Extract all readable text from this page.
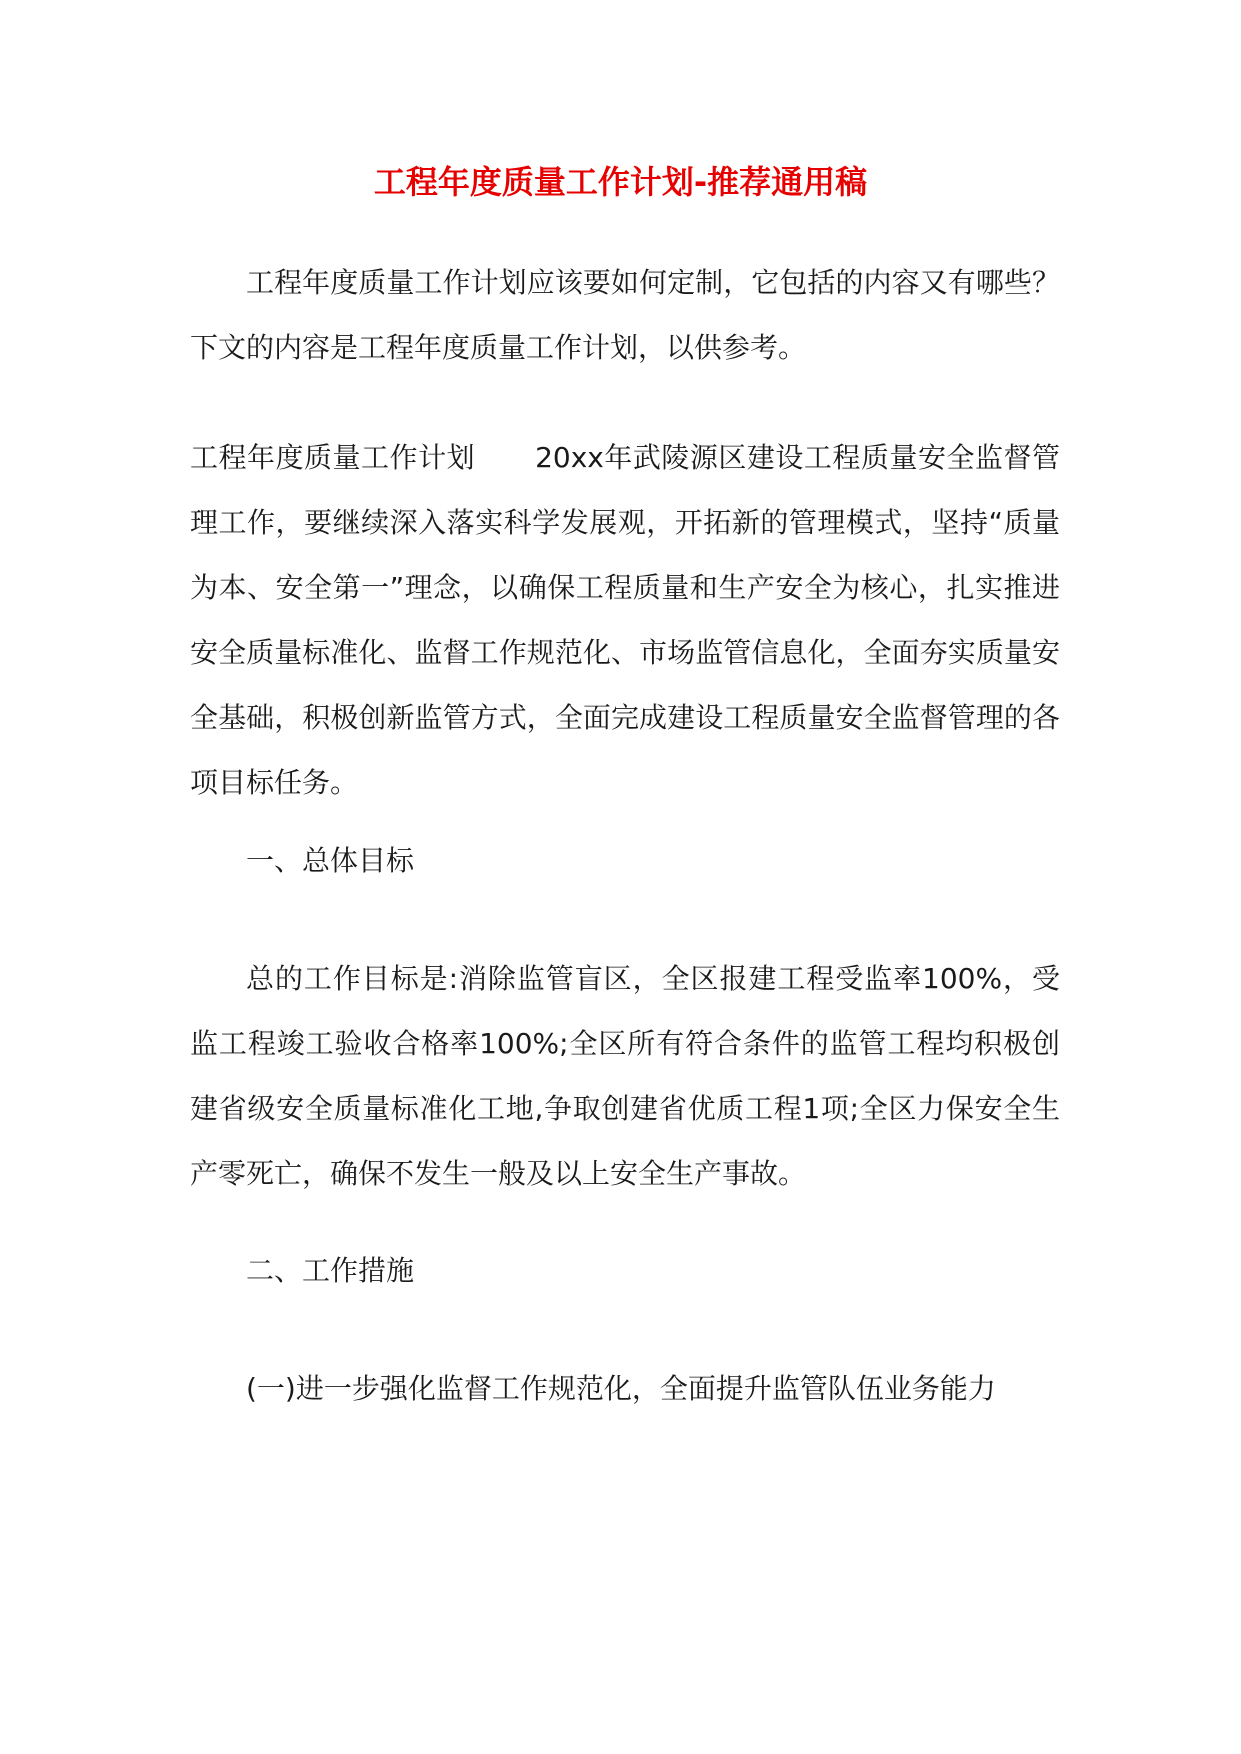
工程年度质量工作计划-推荐通用稿

工程年度质量工作计划应该要如何定制，它包括的内容又有哪些？下文的内容是工程年度质量工作计划，以供参考。

工程年度质量工作计划 20xx年武陵源区建设工程质量安全监督管理工作，要继续深入落实科学发展观，开拓新的管理模式，坚持“质量为本、安全第一”理念，以确保工程质量和生产安全为核心，扎实推进安全质量标准化、监督工作规范化、市场监管信息化，全面夯实质量安全基础，积极创新监管方式，全面完成建设工程质量安全监督管理的各项目标任务。

一、总体目标

总的工作目标是:消除监管盲区，全区报建工程受监率100%，受监工程竣工验收合格率100%;全区所有符合条件的监管工程均积极创建省级安全质量标准化工地,争取创建省优质工程1项;全区力保安全生产零死亡，确保不发生一般及以上安全生产事故。

二、工作措施

(一)进一步强化监督工作规范化，全面提升监管队伍业务能力
